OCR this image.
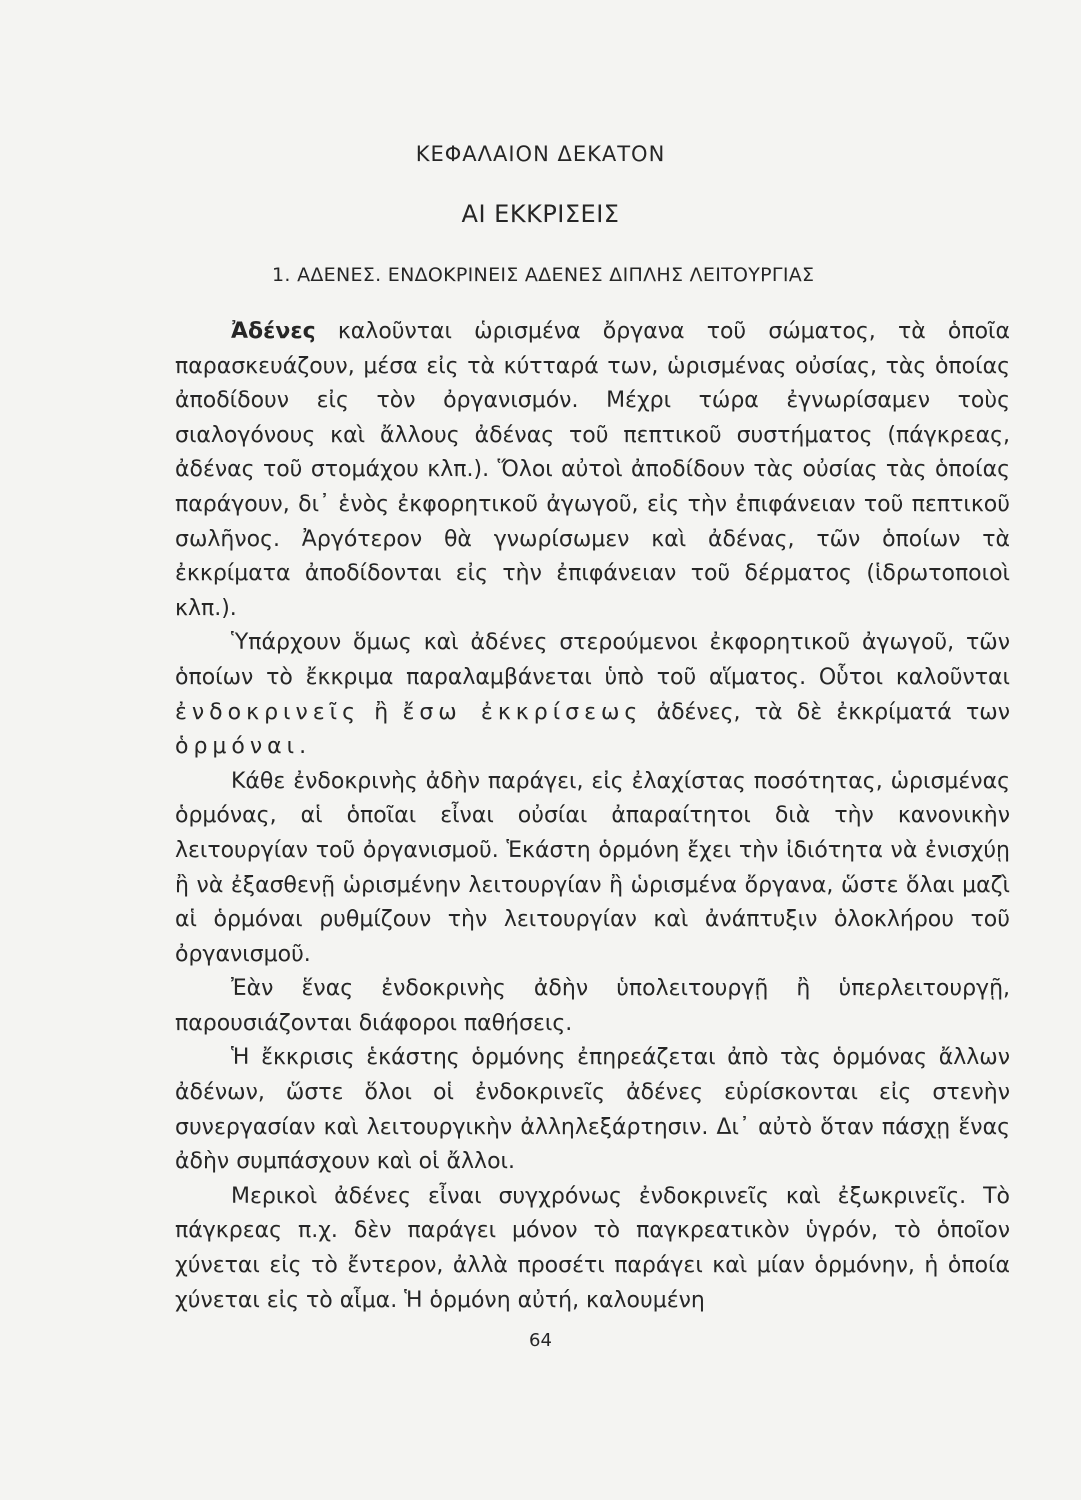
ΚΕΦΑΛΑΙΟΝ ΔΕΚΑΤΟΝ
ΑΙ ΕΚΚΡΙΣΕΙΣ
1. ΑΔΕΝΕΣ. ΕΝΔΟΚΡΙΝΕΙΣ ΑΔΕΝΕΣ ΔΙΠΛΗΣ ΛΕΙΤΟΥΡΓΙΑΣ

Ἀδένες καλοῦνται ὡρισμένα ὄργανα τοῦ σώματος, τὰ ὁποῖα παρασκευάζουν, μέσα εἰς τὰ κύτταρά των, ὡρισμένας οὐσίας, τὰς ὁποίας ἀποδίδουν εἰς τὸν ὀργανισμόν. Μέχρι τώρα ἐγνωρίσαμεν τοὺς σιαλογόνους καὶ ἄλλους ἀδένας τοῦ πεπτικοῦ συστήματος (πάγκρεας, ἀδένας τοῦ στομάχου κλπ.). Ὅλοι αὐτοὶ ἀποδίδουν τὰς οὐσίας τὰς ὁποίας παράγουν, δι᾽ ἑνὸς ἐκφορητικοῦ ἀγωγοῦ, εἰς τὴν ἐπιφάνειαν τοῦ πεπτικοῦ σωλῆνος. Ἀργότερον θὰ γνωρίσωμεν καὶ ἀδένας, τῶν ὁποίων τὰ ἐκκρίματα ἀποδίδονται εἰς τὴν ἐπιφάνειαν τοῦ δέρματος (ἱδρωτοποιοὶ κλπ.).

Ὑπάρχουν ὅμως καὶ ἀδένες στερούμενοι ἐκφορητικοῦ ἀγωγοῦ, τῶν ὁποίων τὸ ἔκκριμα παραλαμβάνεται ὑπὸ τοῦ αἵματος. Οὗτοι καλοῦνται ἐνδοκρινεῖς ἢ ἔσω ἐκκρίσεως ἀδένες, τὰ δὲ ἐκκρίματά των ὁρμόναι.

Κάθε ἐνδοκρινὴς ἀδὴν παράγει, εἰς ἐλαχίστας ποσότητας, ὡρισμένας ὁρμόνας, αἱ ὁποῖαι εἶναι οὐσίαι ἀπαραίτητοι διὰ τὴν κανονικὴν λειτουργίαν τοῦ ὀργανισμοῦ. Ἑκάστη ὁρμόνη ἔχει τὴν ἰδιότητα νὰ ἐνισχύῃ ἢ νὰ ἐξασθενῇ ὡρισμένην λειτουργίαν ἢ ὡρισμένα ὄργανα, ὥστε ὅλαι μαζὶ αἱ ὁρμόναι ρυθμίζουν τὴν λειτουργίαν καὶ ἀνάπτυξιν ὁλοκλήρου τοῦ ὀργανισμοῦ.

Ἐὰν ἕνας ἐνδοκρινὴς ἀδὴν ὑπολειτουργῇ ἢ ὑπερλειτουργῇ, παρουσιάζονται διάφοροι παθήσεις.

Ἡ ἔκκρισις ἑκάστης ὁρμόνης ἐπηρεάζεται ἀπὸ τὰς ὁρμόνας ἄλλων ἀδένων, ὥστε ὅλοι οἱ ἐνδοκρινεῖς ἀδένες εὑρίσκονται εἰς στενὴν συνεργασίαν καὶ λειτουργικὴν ἀλληλεξάρτησιν. Δι᾽ αὐτὸ ὅταν πάσχῃ ἕνας ἀδὴν συμπάσχουν καὶ οἱ ἄλλοι.

Μερικοὶ ἀδένες εἶναι συγχρόνως ἐνδοκρινεῖς καὶ ἐξωκρινεῖς. Τὸ πάγκρεας π.χ. δὲν παράγει μόνον τὸ παγκρεατικὸν ὑγρόν, τὸ ὁποῖον χύνεται εἰς τὸ ἔντερον, ἀλλὰ προσέτι παράγει καὶ μίαν ὁρμόνην, ἡ ὁποία χύνεται εἰς τὸ αἷμα. Ἡ ὁρμόνη αὐτή, καλουμένη

64
